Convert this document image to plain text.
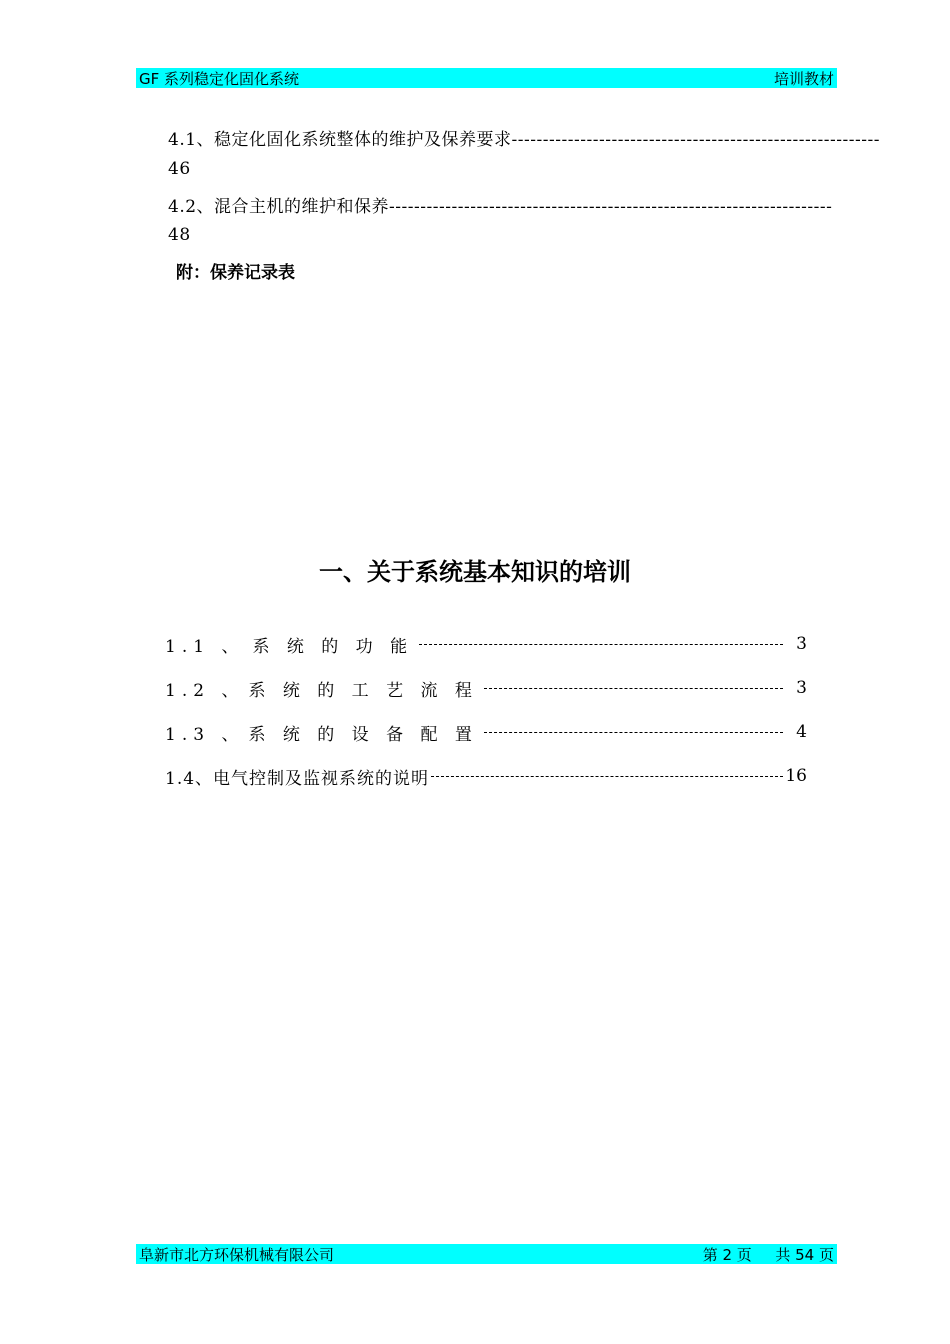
GF 系列稳定化固化系统	培训教材
4.1、稳定化固化系统整体的维护及保养要求-----------------------------------------------------------
46
4.2、混合主机的维护和保养-----------------------------------------------------------------------
48
附：保养记录表
一、关于系统基本知识的培训
1.1 、 系 统 的 功 能	3
1.2 、 系 统 的 工 艺 流 程	3
1.3 、 系 统 的 设 备 配 置	4
1.4、 电气控制及监视系统的说明	16
阜新市北方环保机械有限公司	第 2 页 共 54 页
